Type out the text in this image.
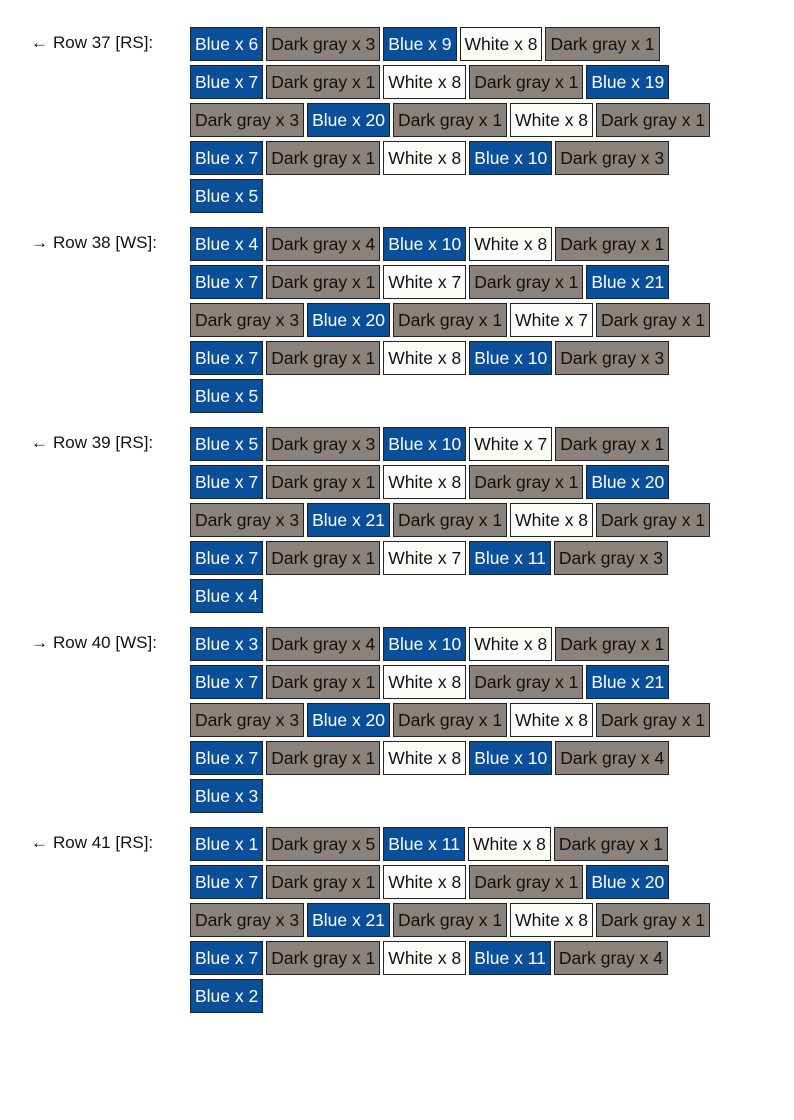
← Row 37 [RS]:	Blue x 6 Dark gray x 3 Blue x 9 White x 8 Dark gray x 1
Blue x 7 Dark gray x 1 White x 8 Dark gray x 1 Blue x 19
Dark gray x 3 Blue x 20 Dark gray x 1 White x 8 Dark gray x 1
Blue x 7 Dark gray x 1 White x 8 Blue x 10 Dark gray x 3
Blue x 5
→ Row 38 [WS]:	Blue x 4 Dark gray x 4 Blue x 10 White x 8 Dark gray x 1
Blue x 7 Dark gray x 1 White x 7 Dark gray x 1 Blue x 21
Dark gray x 3 Blue x 20 Dark gray x 1 White x 7 Dark gray x 1
Blue x 7 Dark gray x 1 White x 8 Blue x 10 Dark gray x 3
Blue x 5
← Row 39 [RS]:	Blue x 5 Dark gray x 3 Blue x 10 White x 7 Dark gray x 1
Blue x 7 Dark gray x 1 White x 8 Dark gray x 1 Blue x 20
Dark gray x 3 Blue x 21 Dark gray x 1 White x 8 Dark gray x 1
Blue x 7 Dark gray x 1 White x 7 Blue x 11 Dark gray x 3
Blue x 4
→ Row 40 [WS]:	Blue x 3 Dark gray x 4 Blue x 10 White x 8 Dark gray x 1
Blue x 7 Dark gray x 1 White x 8 Dark gray x 1 Blue x 21
Dark gray x 3 Blue x 20 Dark gray x 1 White x 8 Dark gray x 1
Blue x 7 Dark gray x 1 White x 8 Blue x 10 Dark gray x 4
Blue x 3
← Row 41 [RS]:	Blue x 1 Dark gray x 5 Blue x 11 White x 8 Dark gray x 1
Blue x 7 Dark gray x 1 White x 8 Dark gray x 1 Blue x 20
Dark gray x 3 Blue x 21 Dark gray x 1 White x 8 Dark gray x 1
Blue x 7 Dark gray x 1 White x 8 Blue x 11 Dark gray x 4
Blue x 2
